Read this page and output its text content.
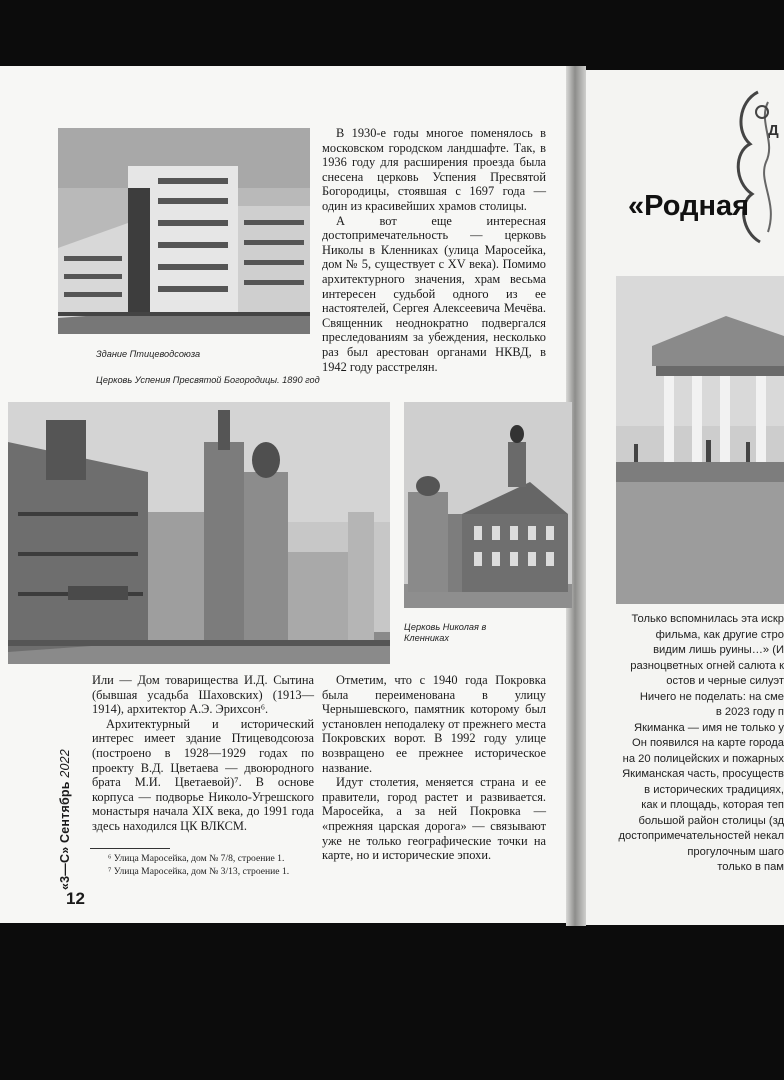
Здание Птицеводсоюза
Церковь Успения Пресвятой Богородицы. 1890 год

В 1930-е годы многое поменялось в московском городском ландшафте. Так, в 1936 году для расширения проезда была снесена церковь Успения Пресвятой Богородицы, стоявшая с 1697 года — один из красивейших храмов столицы.

А вот еще интересная достопримечательность — церковь Николы в Кленниках (улица Маросейка, дом № 5, существует с XV века). Помимо архитектурного значения, храм весьма интересен судьбой одного из ее настоятелей, Сергея Алексеевича Мечёва. Священник неоднократно подвергался преследованиям за убеждения, несколько раз был арестован органами НКВД, в 1942 году расстрелян.

Церковь Николая в Кленниках

Или — Дом товарищества И.Д. Сытина (бывшая усадьба Шаховских) (1913—1914), архитектор А.Э. Эрихсон⁶.

Архитектурный и исторический интерес имеет здание Птицеводсоюза (построено в 1928—1929 годах по проекту В.Д. Цветаева — двоюродного брата М.И. Цветаевой)⁷. В основе корпуса — подворье Николо-Угрешского монастыря начала XIX века, до 1991 года здесь находился ЦК ВЛКСМ.

Отметим, что с 1940 года Покровка была переименована в улицу Чернышевского, памятник которому был установлен неподалеку от прежнего места Покровских ворот. В 1992 году улице возвращено ее прежнее историческое название.

Идут столетия, меняется страна и ее правители, город растет и развивается. Маросейка, а за ней Покровка — «прежняя царская дорога» — связывают уже не только географические точки на карте, но и исторические эпохи.

⁶ Улица Маросейка, дом № 7/8, строение 1.
⁷ Улица Маросейка, дом № 3/13, строение 1.
«3—С» Сентябрь 2022
12
Д
«Родная
Только вспомнилась эта искр
фильма, как другие стро
видим лишь руины…» (И
разноцветных огней салюта к
остов и черные силуэт
Ничего не поделать: на сме
в 2023 году п
Якиманка — имя не только у
Он появился на карте города
на 20 полицейских и пожарных
Якиманская часть, просуществ
в исторических традициях,
как и площадь, которая теп
большой район столицы (зд
достопримечательностей некал
прогулочным шаго
только в пам
